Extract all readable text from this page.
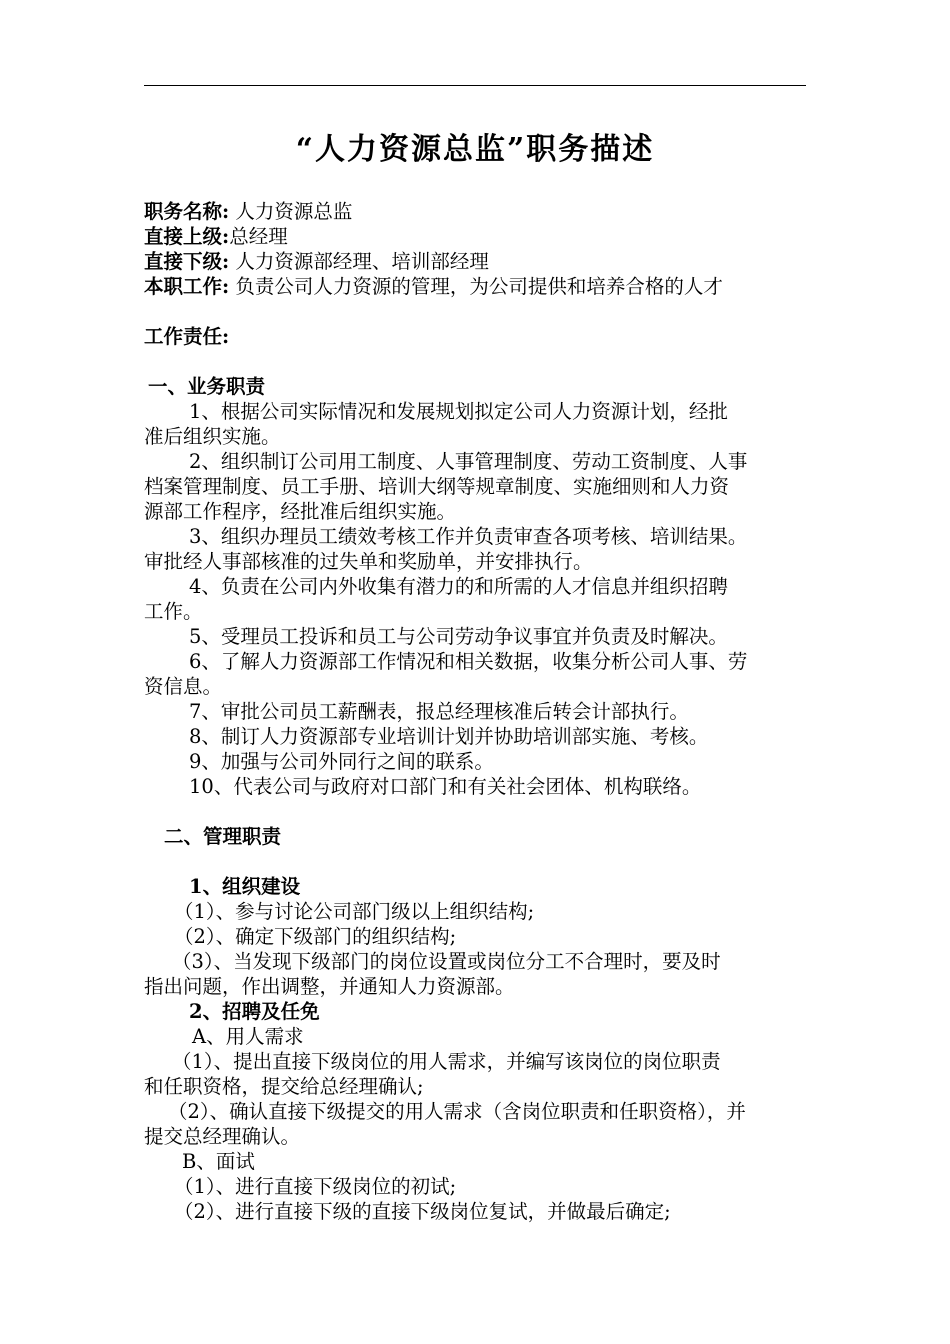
“人力资源总监”职务描述

职务名称: 人力资源总监

直接上级:总经理

直接下级: 人力资源部经理、培训部经理

本职工作: 负责公司人力资源的管理，为公司提供和培养合格的人才

工作责任:

一、业务职责

1、根据公司实际情况和发展规划拟定公司人力资源计划，经批

准后组织实施。

2、组织制订公司用工制度、人事管理制度、劳动工资制度、人事

档案管理制度、员工手册、培训大纲等规章制度、实施细则和人力资

源部工作程序，经批准后组织实施。

3、组织办理员工绩效考核工作并负责审查各项考核、培训结果。

审批经人事部核准的过失单和奖励单，并安排执行。

4、负责在公司内外收集有潜力的和所需的人才信息并组织招聘

工作。

5、受理员工投诉和员工与公司劳动争议事宜并负责及时解决。

6、了解人力资源部工作情况和相关数据，收集分析公司人事、劳

资信息。

7、审批公司员工薪酬表，报总经理核准后转会计部执行。

8、制订人力资源部专业培训计划并协助培训部实施、考核。

9、加强与公司外同行之间的联系。

10、代表公司与政府对口部门和有关社会团体、机构联络。

二、管理职责

1、组织建设

（1）、参与讨论公司部门级以上组织结构;

（2）、确定下级部门的组织结构;

（3）、当发现下级部门的岗位设置或岗位分工不合理时，要及时

指出问题，作出调整，并通知人力资源部。

2、招聘及任免

A、用人需求

（1）、提出直接下级岗位的用人需求，并编写该岗位的岗位职责

和任职资格，提交给总经理确认;

（2）、确认直接下级提交的用人需求（含岗位职责和任职资格），并

提交总经理确认。

B、面试

（1）、进行直接下级岗位的初试;

（2）、进行直接下级的直接下级岗位复试，并做最后确定;
